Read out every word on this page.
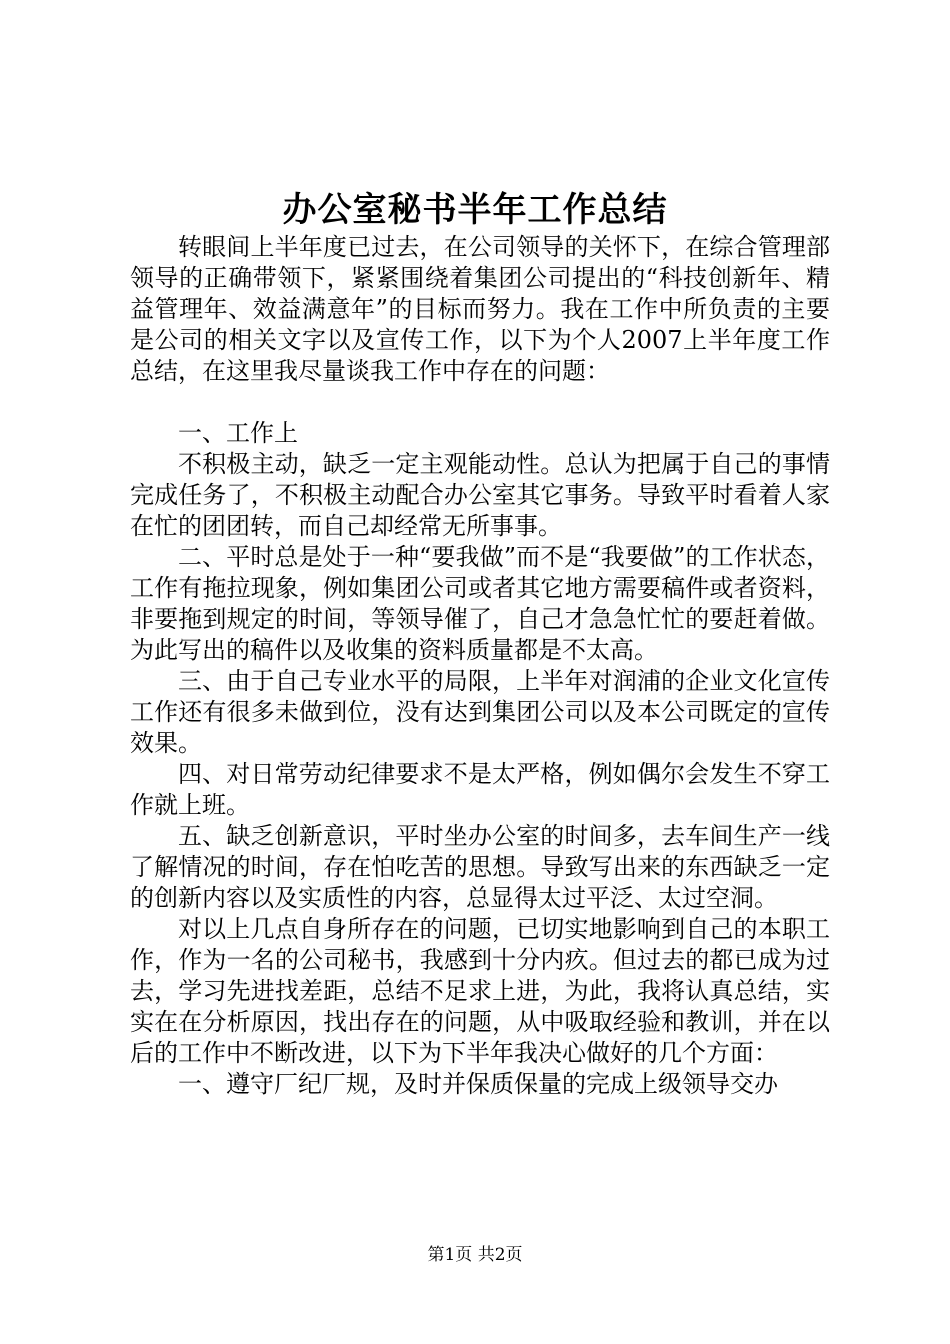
办公室秘书半年工作总结

转眼间上半年度已过去，在公司领导的关怀下，在综合管理部领导的正确带领下，紧紧围绕着集团公司提出的“科技创新年、精益管理年、效益满意年”的目标而努力。我在工作中所负责的主要是公司的相关文字以及宣传工作，以下为个人2007上半年度工作总结，在这里我尽量谈我工作中存在的问题：

一、工作上

不积极主动，缺乏一定主观能动性。总认为把属于自己的事情完成任务了，不积极主动配合办公室其它事务。导致平时看着人家在忙的团团转，而自己却经常无所事事。

二、平时总是处于一种“要我做”而不是“我要做”的工作状态，工作有拖拉现象，例如集团公司或者其它地方需要稿件或者资料，非要拖到规定的时间，等领导催了，自己才急急忙忙的要赶着做。为此写出的稿件以及收集的资料质量都是不太高。

三、由于自己专业水平的局限，上半年对润浦的企业文化宣传工作还有很多未做到位，没有达到集团公司以及本公司既定的宣传效果。

四、对日常劳动纪律要求不是太严格，例如偶尔会发生不穿工作就上班。

五、缺乏创新意识，平时坐办公室的时间多，去车间生产一线了解情况的时间，存在怕吃苦的思想。导致写出来的东西缺乏一定的创新内容以及实质性的内容，总显得太过平泛、太过空洞。

对以上几点自身所存在的问题，已切实地影响到自己的本职工作，作为一名的公司秘书，我感到十分内疚。但过去的都已成为过去，学习先进找差距，总结不足求上进，为此，我将认真总结，实实在在分析原因，找出存在的问题，从中吸取经验和教训，并在以后的工作中不断改进，以下为下半年我决心做好的几个方面：

一、遵守厂纪厂规，及时并保质保量的完成上级领导交办

第1页 共2页
